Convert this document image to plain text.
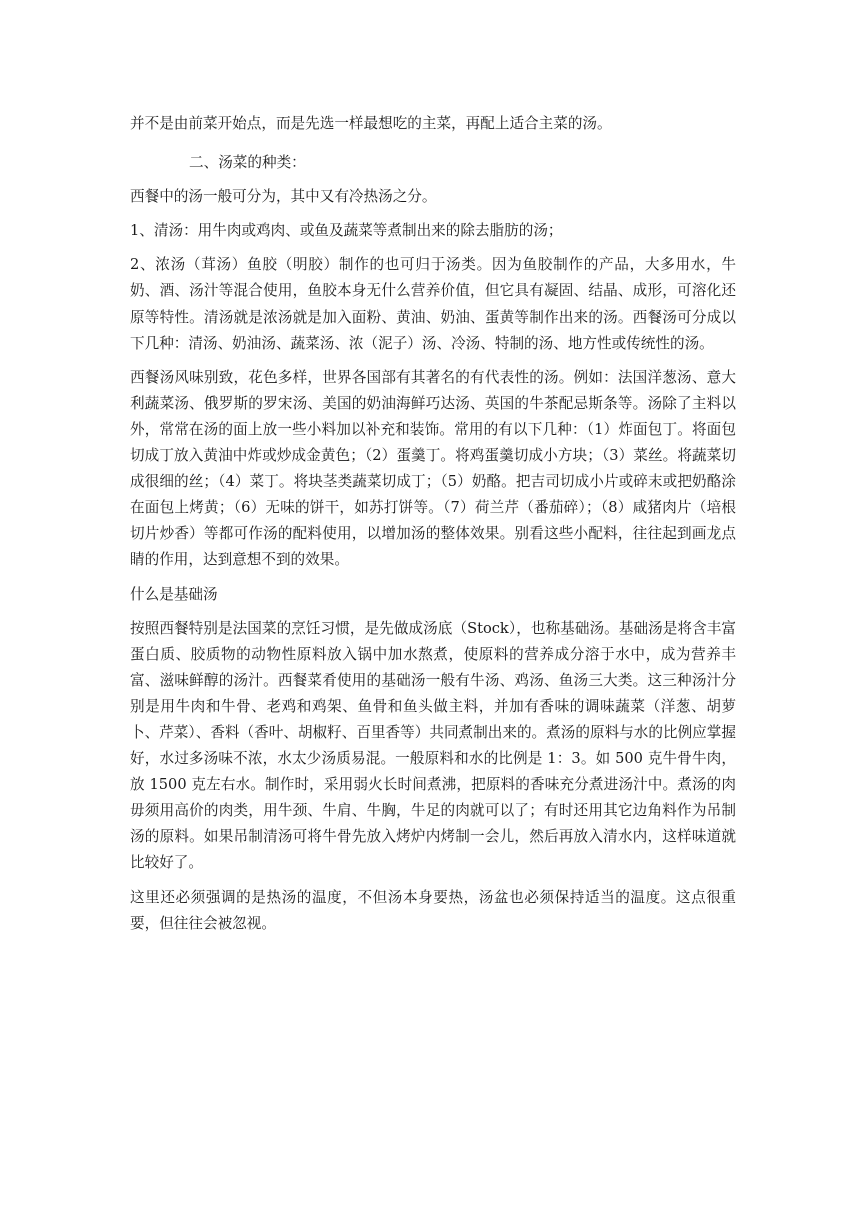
并不是由前菜开始点，而是先选一样最想吃的主菜，再配上适合主菜的汤。

二、汤菜的种类：

西餐中的汤一般可分为，其中又有冷热汤之分。

1、清汤：用牛肉或鸡肉、或鱼及蔬菜等煮制出来的除去脂肪的汤；

2、浓汤（茸汤）鱼胶（明胶）制作的也可归于汤类。因为鱼胶制作的产品，大多用水，牛奶、酒、汤汁等混合使用，鱼胶本身无什么营养价值，但它具有凝固、结晶、成形，可溶化还原等特性。清汤就是浓汤就是加入面粉、黄油、奶油、蛋黄等制作出来的汤。西餐汤可分成以下几种：清汤、奶油汤、蔬菜汤、浓（泥子）汤、冷汤、特制的汤、地方性或传统性的汤。

西餐汤风味别致，花色多样，世界各国部有其著名的有代表性的汤。例如：法国洋葱汤、意大利蔬菜汤、俄罗斯的罗宋汤、美国的奶油海鲜巧达汤、英国的牛茶配忌斯条等。汤除了主料以外，常常在汤的面上放一些小料加以补充和装饰。常用的有以下几种：（1）炸面包丁。将面包切成丁放入黄油中炸或炒成金黄色；（2）蛋羹丁。将鸡蛋羹切成小方块；（3）菜丝。将蔬菜切成很细的丝；（4）菜丁。将块茎类蔬菜切成丁；（5）奶酪。把吉司切成小片或碎末或把奶酪涂在面包上烤黄；（6）无味的饼干，如苏打饼等。（7）荷兰芹（番茄碎）；（8）咸猪肉片（培根切片炒香）等都可作汤的配料使用，以增加汤的整体效果。别看这些小配料，往往起到画龙点睛的作用，达到意想不到的效果。

什么是基础汤

按照西餐特别是法国菜的烹饪习惯，是先做成汤底（Stock），也称基础汤。基础汤是将含丰富蛋白质、胶质物的动物性原料放入锅中加水熬煮，使原料的营养成分溶于水中，成为营养丰富、滋味鲜醇的汤汁。西餐菜肴使用的基础汤一般有牛汤、鸡汤、鱼汤三大类。这三种汤汁分别是用牛肉和牛骨、老鸡和鸡架、鱼骨和鱼头做主料，并加有香味的调味蔬菜（洋葱、胡萝卜、芹菜）、香料（香叶、胡椒籽、百里香等）共同煮制出来的。煮汤的原料与水的比例应掌握好，水过多汤味不浓，水太少汤质易混。一般原料和水的比例是 1：3。如 500 克牛骨牛肉，放 1500 克左右水。制作时，采用弱火长时间煮沸，把原料的香味充分煮进汤汁中。煮汤的肉毋须用高价的肉类，用牛颈、牛肩、牛胸，牛足的肉就可以了；有时还用其它边角料作为吊制汤的原料。如果吊制清汤可将牛骨先放入烤炉内烤制一会儿，然后再放入清水内，这样味道就比较好了。

这里还必须强调的是热汤的温度，不但汤本身要热，汤盆也必须保持适当的温度。这点很重要，但往往会被忽视。
